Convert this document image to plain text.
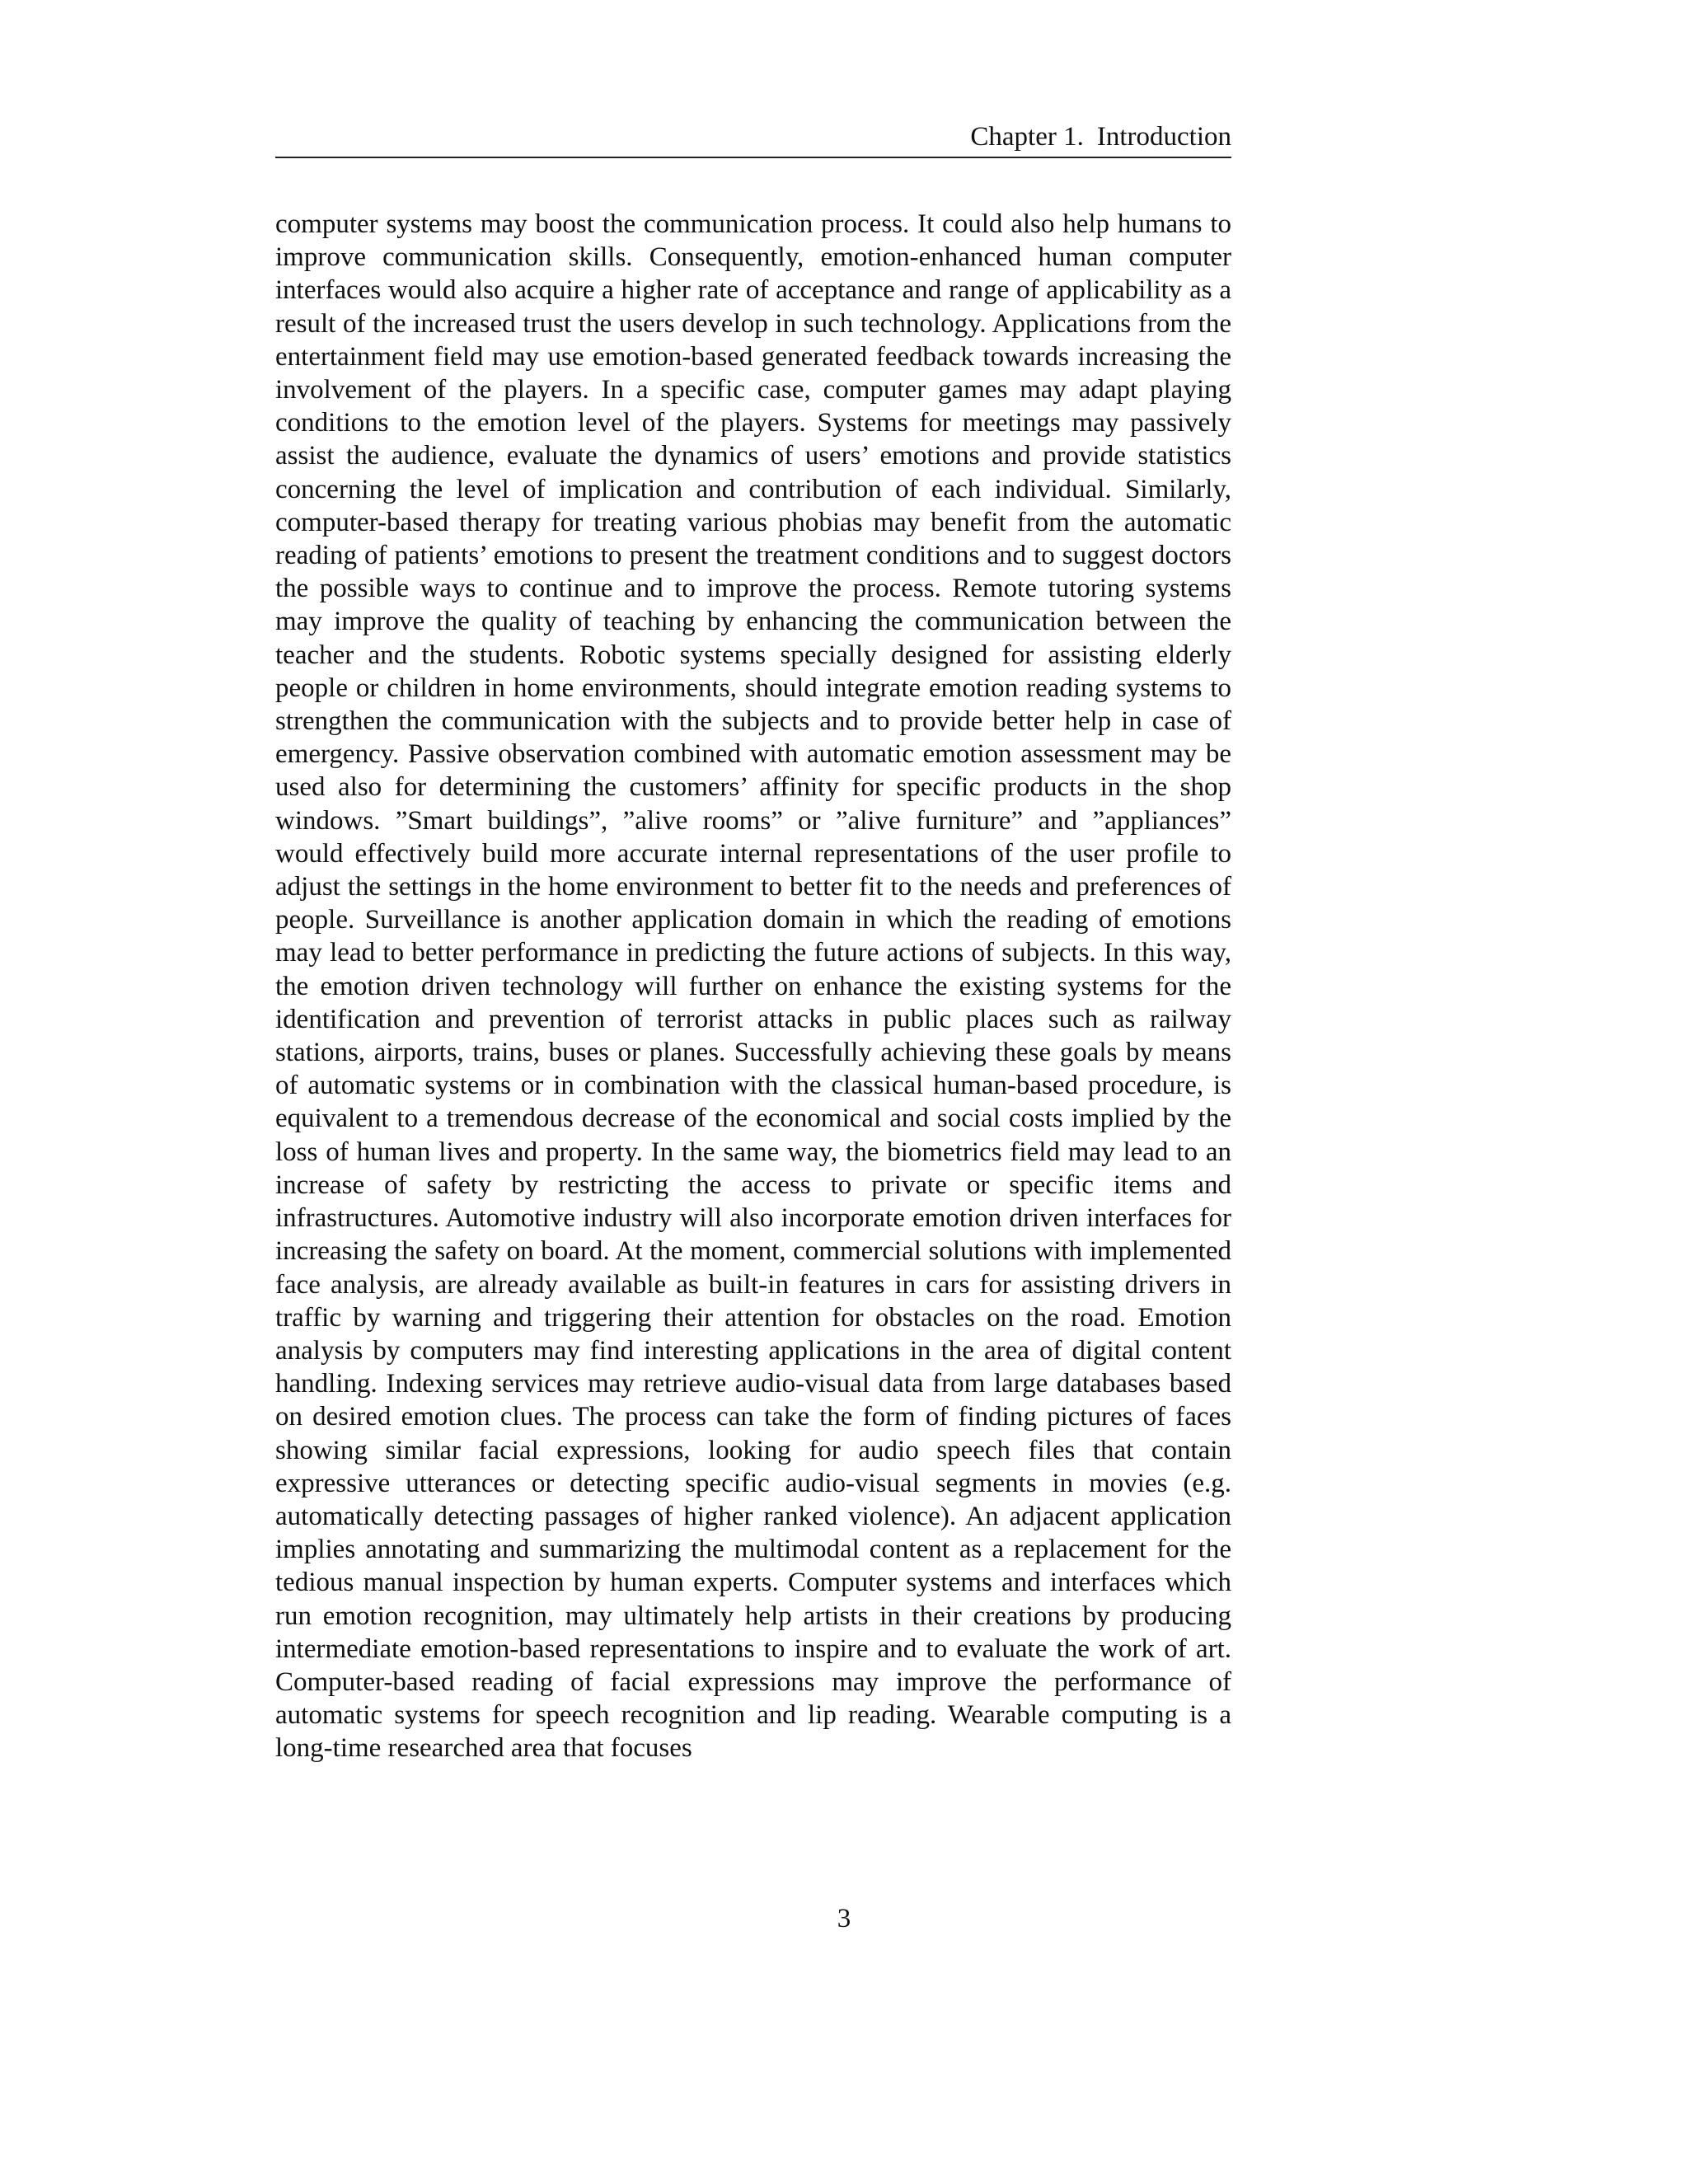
Chapter 1. Introduction

computer systems may boost the communication process. It could also help humans to improve communication skills. Consequently, emotion-enhanced human computer interfaces would also acquire a higher rate of acceptance and range of applicability as a result of the increased trust the users develop in such technology. Applications from the entertainment field may use emotion-based generated feedback towards increasing the involvement of the players. In a specific case, computer games may adapt playing conditions to the emotion level of the players. Systems for meetings may passively assist the audience, evaluate the dynamics of users’ emotions and provide statistics concerning the level of implication and contribution of each individual. Similarly, computer-based therapy for treating various phobias may benefit from the automatic reading of patients’ emotions to present the treatment conditions and to suggest doctors the possible ways to continue and to improve the process. Remote tutoring systems may improve the quality of teaching by enhancing the communication between the teacher and the students. Robotic systems specially designed for assisting elderly people or children in home environments, should integrate emotion reading systems to strengthen the communication with the subjects and to provide better help in case of emergency. Passive observation combined with automatic emotion assessment may be used also for determining the customers’ affinity for specific products in the shop windows. ”Smart buildings”, ”alive rooms” or ”alive furniture” and ”appliances” would effectively build more accurate internal representations of the user profile to adjust the settings in the home environment to better fit to the needs and preferences of people. Surveillance is another application domain in which the reading of emotions may lead to better performance in predicting the future actions of subjects. In this way, the emotion driven technology will further on enhance the existing systems for the identification and prevention of terrorist attacks in public places such as railway stations, airports, trains, buses or planes. Successfully achieving these goals by means of automatic systems or in combination with the classical human-based procedure, is equivalent to a tremendous decrease of the economical and social costs implied by the loss of human lives and property. In the same way, the biometrics field may lead to an increase of safety by restricting the access to private or specific items and infrastructures. Automotive industry will also incorporate emotion driven interfaces for increasing the safety on board. At the moment, commercial solutions with implemented face analysis, are already available as built-in features in cars for assisting drivers in traffic by warning and triggering their attention for obstacles on the road. Emotion analysis by computers may find interesting applications in the area of digital content handling. Indexing services may retrieve audio-visual data from large databases based on desired emotion clues. The process can take the form of finding pictures of faces showing similar facial expressions, looking for audio speech files that contain expressive utterances or detecting specific audio-visual segments in movies (e.g. automatically detecting passages of higher ranked violence). An adjacent application implies annotating and summarizing the multimodal content as a replacement for the tedious manual inspection by human experts. Computer systems and interfaces which run emotion recognition, may ultimately help artists in their creations by producing intermediate emotion-based representations to inspire and to evaluate the work of art. Computer-based reading of facial expressions may improve the performance of automatic systems for speech recognition and lip reading. Wearable computing is a long-time researched area that focuses

3
